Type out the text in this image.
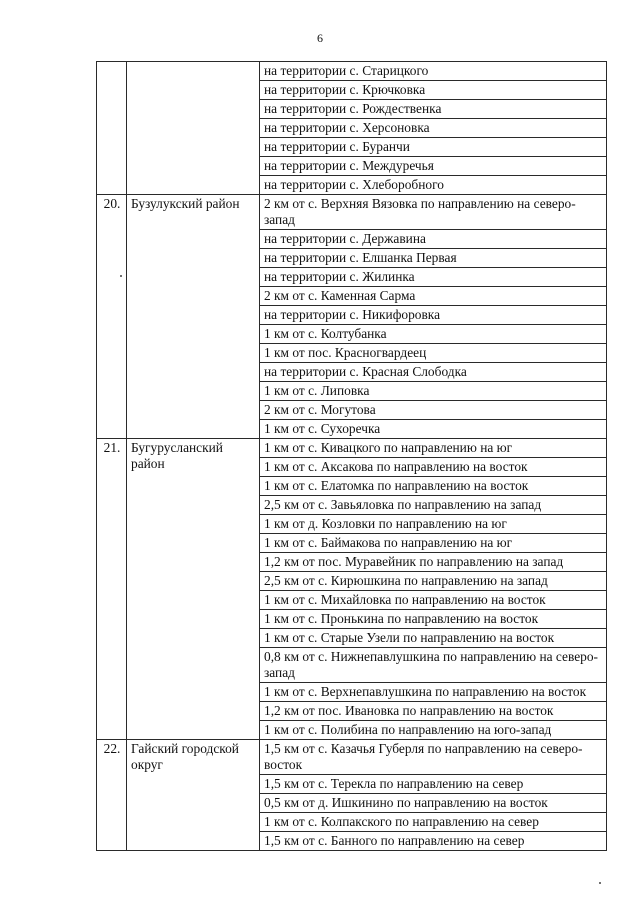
6
		на территории с. Старицкого
		на территории с. Крючковка
		на территории с. Рождественка
		на территории с. Херсоновка
		на территории с. Буранчи
		на территории с. Междуречья
		на территории с. Хлеборобного
20.	Бузулукский район	2 км от с. Верхняя Вязовка по направлению на северо-запад
		на территории с. Державина
		на территории с. Елшанка Первая
		на территории с. Жилинка
		2 км от с. Каменная Сарма
		на территории с. Никифоровка
		1 км от с. Колтубанка
		1 км от пос. Красногвардеец
		на территории с. Красная Слободка
		1 км от с. Липовка
		2 км от с. Могутова
		1 км от с. Сухоречка
21.	Бугурусланский район	1 км от с. Кивацкого по направлению на юг
		1 км от с. Аксакова по направлению на восток
		1 км от с. Елатомка по направлению на восток
		2,5 км от с. Завьяловка по направлению на запад
		1 км от д. Козловки по направлению на юг
		1 км от с. Баймакова по направлению на юг
		1,2 км от пос. Муравейник по направлению на запад
		2,5 км от с. Кирюшкина по направлению на запад
		1 км от с. Михайловка по направлению на восток
		1 км от с. Пронькина по направлению на восток
		1 км от с. Старые Узели по направлению на восток
		0,8 км от с. Нижнепавлушкина по направлению на северо-запад
		1 км от с. Верхнепавлушкина по направлению на восток
		1,2 км от пос. Ивановка по направлению на восток
		1 км от с. Полибина по направлению на юго-запад
22.	Гайский городской округ	1,5 км от с. Казачья Губерля по направлению на северо-восток
		1,5 км от с. Терекла по направлению на север
		0,5 км от д. Ишкинино по направлению на восток
		1 км от с. Колпакского по направлению на север
		1,5 км от с. Банного по направлению на север
